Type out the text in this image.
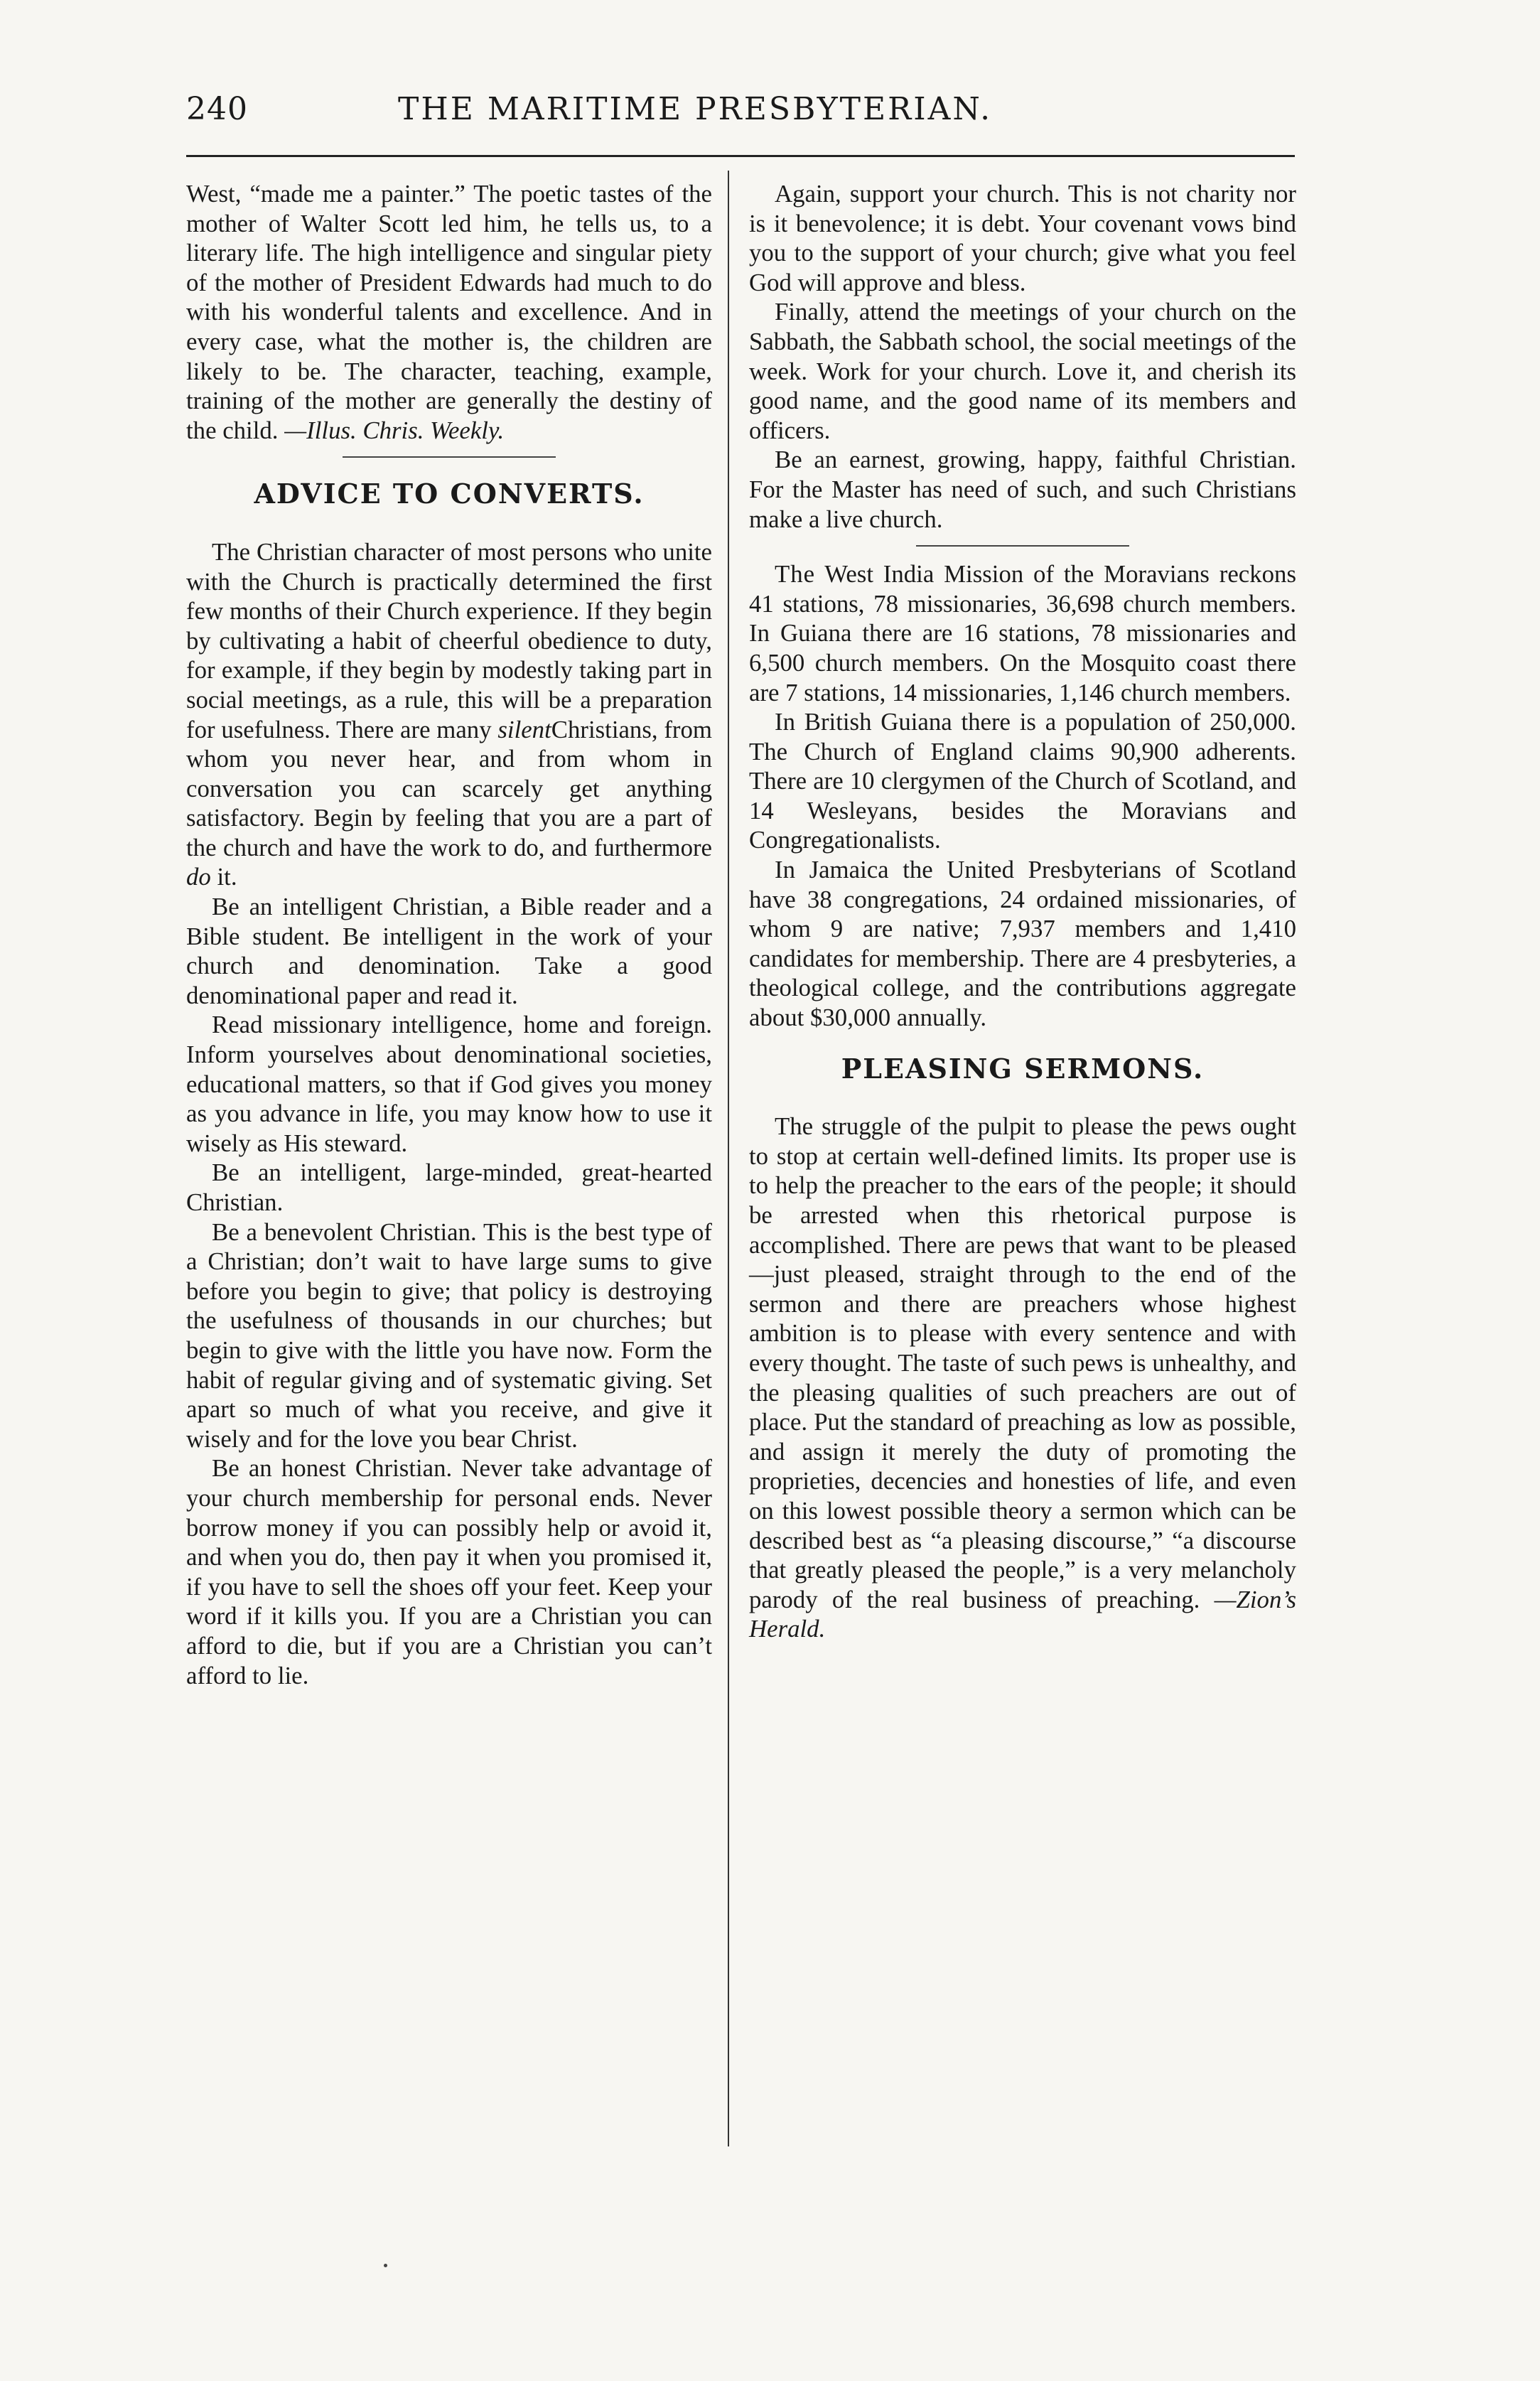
240	THE MARITIME PRESBYTERIAN.

West, “made me a painter.” The poetic tastes of the mother of Walter Scott led him, he tells us, to a literary life. The high intelligence and singular piety of the mother of President Edwards had much to do with his wonderful talents and excellence. And in every case, what the mother is, the children are likely to be. The character, teaching, example, training of the mother are generally the destiny of the child. —Illus. Chris. Weekly.

ADVICE TO CONVERTS.

The Christian character of most persons who unite with the Church is practically determined the first few months of their Church experience. If they begin by cultivating a habit of cheerful obedience to duty, for example, if they begin by modestly taking part in social meetings, as a rule, this will be a preparation for usefulness. There are many silentChristians, from whom you never hear, and from whom in conversation you can scarcely get anything satisfactory. Begin by feeling that you are a part of the church and have the work to do, and furthermore do it.

Be an intelligent Christian, a Bible reader and a Bible student. Be intelligent in the work of your church and denomination. Take a good denominational paper and read it.

Read missionary intelligence, home and foreign. Inform yourselves about denominational societies, educational matters, so that if God gives you money as you advance in life, you may know how to use it wisely as His steward.

Be an intelligent, large-minded, great-hearted Christian.

Be a benevolent Christian. This is the best type of a Christian; don’t wait to have large sums to give before you begin to give; that policy is destroying the usefulness of thousands in our churches; but begin to give with the little you have now. Form the habit of regular giving and of systematic giving. Set apart so much of what you receive, and give it wisely and for the love you bear Christ.

Be an honest Christian. Never take advantage of your church membership for personal ends. Never borrow money if you can possibly help or avoid it, and when you do, then pay it when you promised it, if you have to sell the shoes off your feet. Keep your word if it kills you. If you are a Christian you can afford to die, but if you are a Christian you can’t afford to lie.

Again, support your church. This is not charity nor is it benevolence; it is debt. Your covenant vows bind you to the support of your church; give what you feel God will approve and bless.

Finally, attend the meetings of your church on the Sabbath, the Sabbath school, the social meetings of the week. Work for your church. Love it, and cherish its good name, and the good name of its members and officers.

Be an earnest, growing, happy, faithful Christian. For the Master has need of such, and such Christians make a live church.

The West India Mission of the Moravians reckons 41 stations, 78 missionaries, 36,698 church members. In Guiana there are 16 stations, 78 missionaries and 6,500 church members. On the Mosquito coast there are 7 stations, 14 missionaries, 1,146 church members.

In British Guiana there is a population of 250,000. The Church of England claims 90,900 adherents. There are 10 clergymen of the Church of Scotland, and 14 Wesleyans, besides the Moravians and Congregationalists.

In Jamaica the United Presbyterians of Scotland have 38 congregations, 24 ordained missionaries, of whom 9 are native; 7,937 members and 1,410 candidates for membership. There are 4 presbyteries, a theological college, and the contributions aggregate about $30,000 annually.

PLEASING SERMONS.

The struggle of the pulpit to please the pews ought to stop at certain well-defined limits. Its proper use is to help the preacher to the ears of the people; it should be arrested when this rhetorical purpose is accomplished. There are pews that want to be pleased—just pleased, straight through to the end of the sermon and there are preachers whose highest ambition is to please with every sentence and with every thought. The taste of such pews is unhealthy, and the pleasing qualities of such preachers are out of place. Put the standard of preaching as low as possible, and assign it merely the duty of promoting the proprieties, decencies and honesties of life, and even on this lowest possible theory a sermon which can be described best as “a pleasing discourse,” “a discourse that greatly pleased the people,” is a very melancholy parody of the real business of preaching. —Zion’s Herald.
